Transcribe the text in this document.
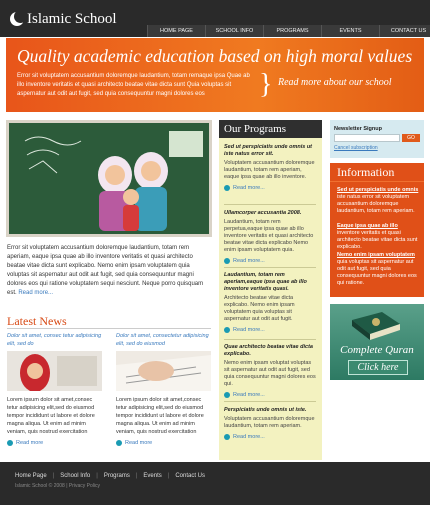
Islamic School
HOME PAGE	SCHOOL INFO	PROGRAMS	EVENTS	CONTACT US
Quality academic education based on high moral values
Error sit voluptatem accusantium doloremque laudantium, totam remaque ipsa Quae ab illo inventore veritatis et quasi architecto beatae vitae dicta sunt Quia voluptas sit aspernatur aut odit aut fugit, sed quia consequuntur magni dolores eos	} Read more about our school
Error sit voluptatem accusantium doloremque laudantium, totam rem aperiam, eaque ipsa quae ab illo inventore veritatis et quasi architecto beatae vitae dicta sunt explicabo. Nemo enim ipsam voluptatem quia voluptas sit aspernatur aut odit aut fugit, sed quia consequuntur magni dolores eos qui ratione voluptatem sequi nesciunt. Neque porro quisquam est. Read more...
Latest News
Dolor sit amet, consec tetur adipisicing elit, sed do
Lorem ipsum dolor sit amet,consec tetur adipisicing elit,sed do eiusmod tempor incididunt ut labore et dolore magna aliqua. Ut enim ad minim veniam, quis nostrud exercitation
Read more
Dolor sit amet, consectetur adipisicing elit, sed do eiusmod
Lorem ipsum dolor sit amet,consec tetur adipisicing elit,sed do eiusmod tempor incididunt ut labore et dolore magna aliqua. Ut enim ad minim veniam, quis nostrud exercitation
Read more
Our Programs
Sed ut perspiciatis unde omnis ut iste natus error sit.
Voluptatem accusantium doloremque laudantium, totam rem aperiam, eaque ipsa quae ab illo inventore.
Read more...
Ullamcorper accusantia 2008.
Laudantium, totam rem perpetua,eaque ipsa quae ab illo inventore veritatis et quasi architecto beatae vitae dicta explicabo Nemo enim ipsam voluptatem quia.
Read more...
Laudantium, totam rem aperiam,eaque ipsa quae ab illo inventore veritatis quasi.
Architecto beatae vitae dicta explicabo. Nemo enim ipsam voluptatem quia voluptas sit aspernatur aut odit aut fugit.
Read more...
Quae architecto beatae vitae dicta explicabo.
Nemo enim ipsam voluptat voluptas sit aspernatur aut odit aut fugit, sed quia consequuntur magni dolores eos qui.
Read more...
Perspiciatis unde omnis ut iste.
Voluptatem accusantium doloremque laudantium, totam rem aperiam.
Read more...
Newsletter Signup
GO
Cancel subscription
Information
Sed ut perspiciatis unde omnis iste natus error sit voluptatem accusantium doloremque laudantium, totam rem aperiam.
Eaque ipsa quae ab illo inventore veritatis et quasi architecto beatae vitae dicta sunt explicabo.
Nemo enim ipsam voluptatem quia voluptas sit aspernatur aut odit aut fugit, sed quia consequuntur magni dolores eos qui ratione.
Complete Quran
Click here
Home Page | School Info | Programs | Events | Contact Us
Islamic School © 2008 | Privacy Policy
